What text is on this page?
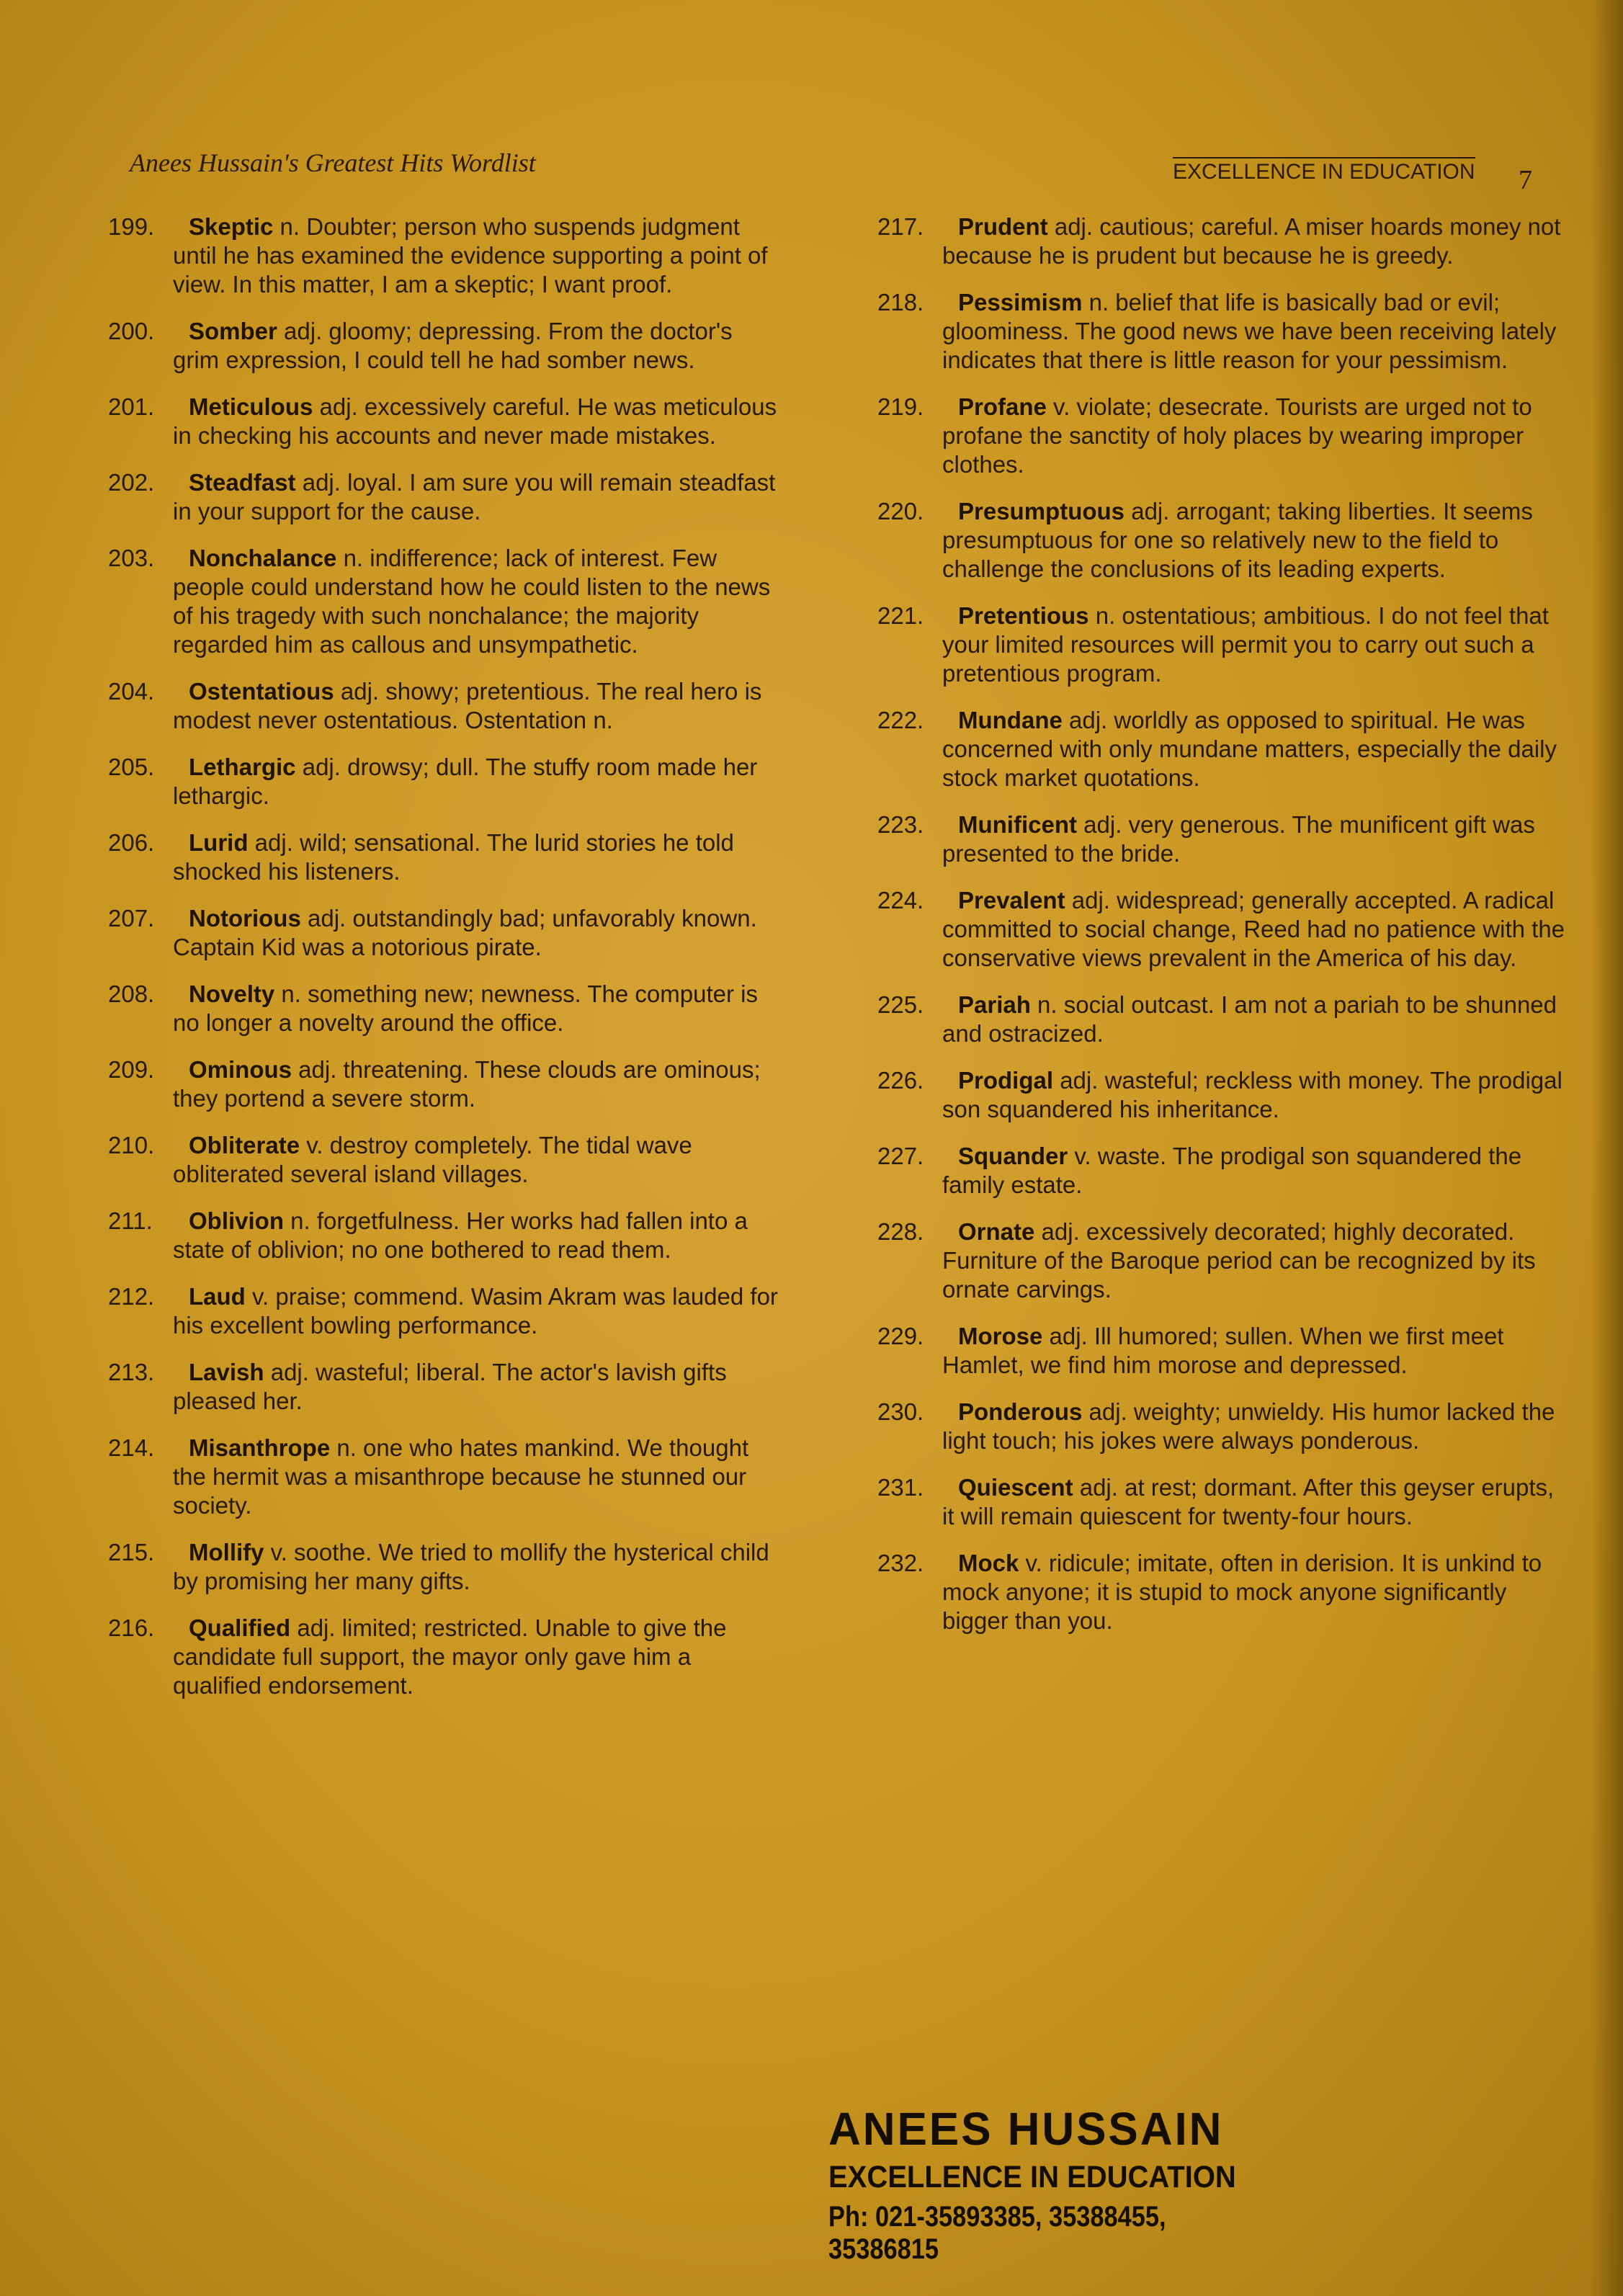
Anees Hussain's Greatest Hits Wordlist	EXCELLENCE IN EDUCATION 7
199. Skeptic n. Doubter; person who suspends judgment until he has examined the evidence supporting a point of view. In this matter, I am a skeptic; I want proof.
200. Somber adj. gloomy; depressing. From the doctor's grim expression, I could tell he had somber news.
201. Meticulous adj. excessively careful. He was meticulous in checking his accounts and never made mistakes.
202. Steadfast adj. loyal. I am sure you will remain steadfast in your support for the cause.
203. Nonchalance n. indifference; lack of interest. Few people could understand how he could listen to the news of his tragedy with such nonchalance; the majority regarded him as callous and unsympathetic.
204. Ostentatious adj. showy; pretentious. The real hero is modest never ostentatious. Ostentation n.
205. Lethargic adj. drowsy; dull. The stuffy room made her lethargic.
206. Lurid adj. wild; sensational. The lurid stories he told shocked his listeners.
207. Notorious adj. outstandingly bad; unfavorably known. Captain Kid was a notorious pirate.
208. Novelty n. something new; newness. The computer is no longer a novelty around the office.
209. Ominous adj. threatening. These clouds are ominous; they portend a severe storm.
210. Obliterate v. destroy completely. The tidal wave obliterated several island villages.
211. Oblivion n. forgetfulness. Her works had fallen into a state of oblivion; no one bothered to read them.
212. Laud v. praise; commend. Wasim Akram was lauded for his excellent bowling performance.
213. Lavish adj. wasteful; liberal. The actor's lavish gifts pleased her.
214. Misanthrope n. one who hates mankind. We thought the hermit was a misanthrope because he stunned our society.
215. Mollify v. soothe. We tried to mollify the hysterical child by promising her many gifts.
216. Qualified adj. limited; restricted. Unable to give the candidate full support, the mayor only gave him a qualified endorsement.
217. Prudent adj. cautious; careful. A miser hoards money not because he is prudent but because he is greedy.
218. Pessimism n. belief that life is basically bad or evil; gloominess. The good news we have been receiving lately indicates that there is little reason for your pessimism.
219. Profane v. violate; desecrate. Tourists are urged not to profane the sanctity of holy places by wearing improper clothes.
220. Presumptuous adj. arrogant; taking liberties. It seems presumptuous for one so relatively new to the field to challenge the conclusions of its leading experts.
221. Pretentious n. ostentatious; ambitious. I do not feel that your limited resources will permit you to carry out such a pretentious program.
222. Mundane adj. worldly as opposed to spiritual. He was concerned with only mundane matters, especially the daily stock market quotations.
223. Munificent adj. very generous. The munificent gift was presented to the bride.
224. Prevalent adj. widespread; generally accepted. A radical committed to social change, Reed had no patience with the conservative views prevalent in the America of his day.
225. Pariah n. social outcast. I am not a pariah to be shunned and ostracized.
226. Prodigal adj. wasteful; reckless with money. The prodigal son squandered his inheritance.
227. Squander v. waste. The prodigal son squandered the family estate.
228. Ornate adj. excessively decorated; highly decorated. Furniture of the Baroque period can be recognized by its ornate carvings.
229. Morose adj. Ill humored; sullen. When we first meet Hamlet, we find him morose and depressed.
230. Ponderous adj. weighty; unwieldy. His humor lacked the light touch; his jokes were always ponderous.
231. Quiescent adj. at rest; dormant. After this geyser erupts, it will remain quiescent for twenty-four hours.
232. Mock v. ridicule; imitate, often in derision. It is unkind to mock anyone; it is stupid to mock anyone significantly bigger than you.
ANEES HUSSAIN
EXCELLENCE IN EDUCATION
Ph: 021-35893385, 35388455, 35386815
